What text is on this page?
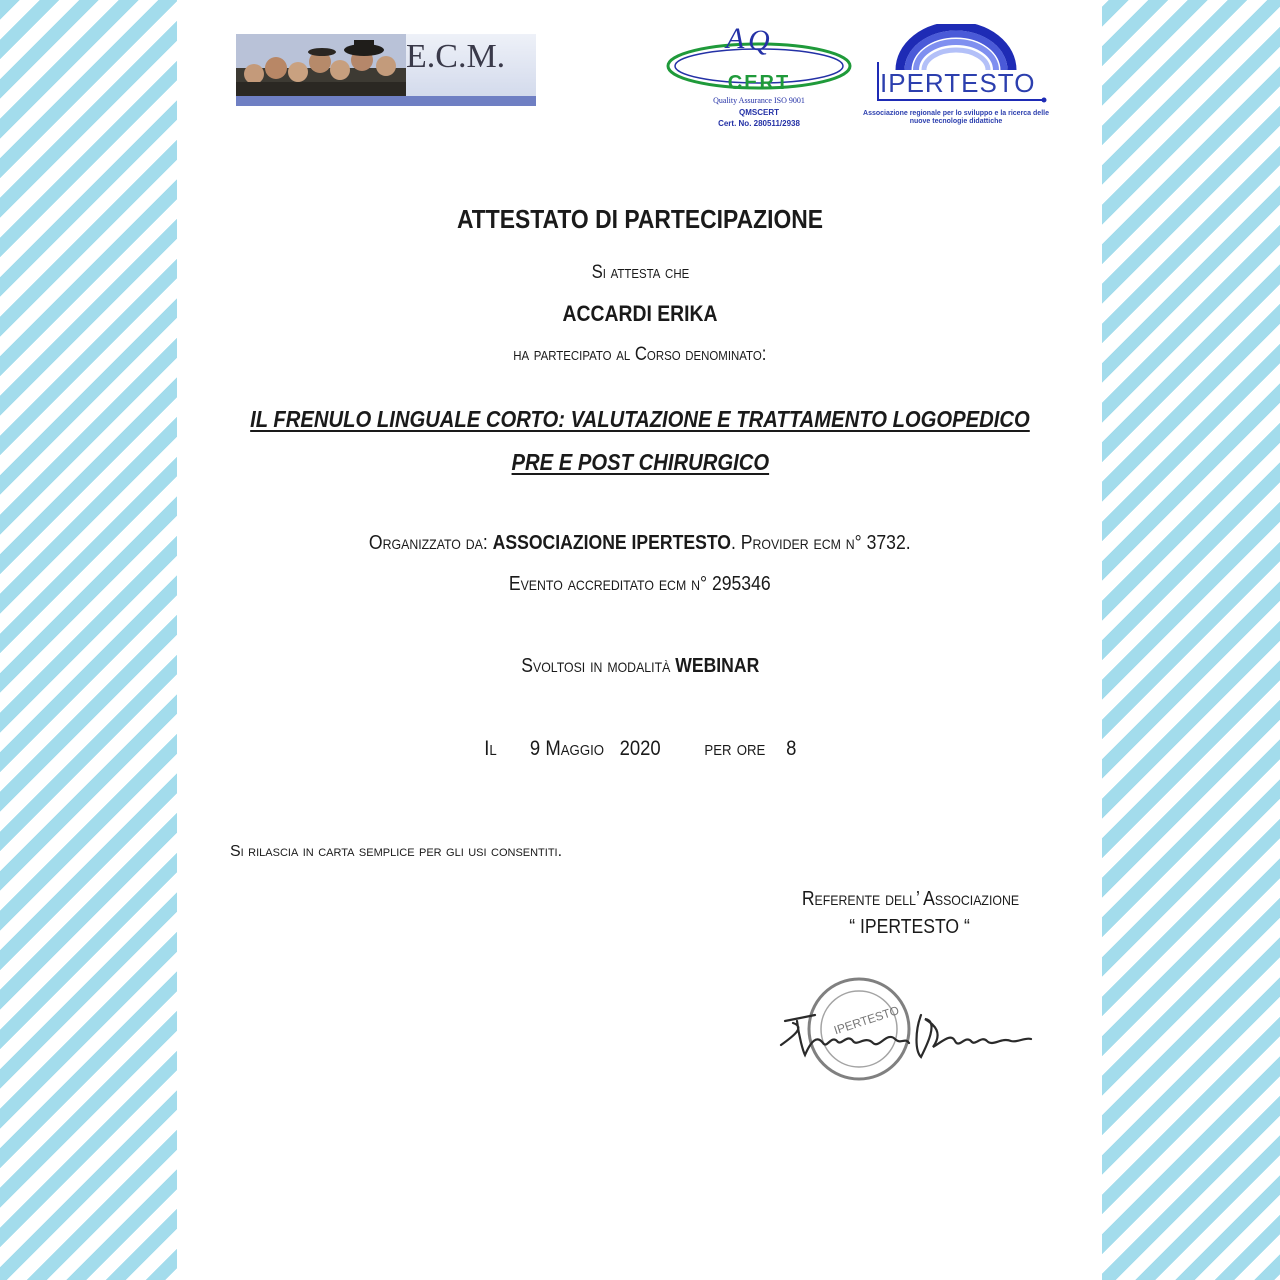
E.C.M.	A Q
CERT
Quality Assurance ISO 9001
QMSCERT
Cert. No. 280511/2938
IPERTESTO
Associazione regionale per lo sviluppo e la ricerca delle nuove tecnologie didattiche
ATTESTATO DI PARTECIPAZIONE
Si attesta che
ACCARDI ERIKA
ha partecipato al Corso denominato:
IL FRENULO LINGUALE CORTO: VALUTAZIONE E TRATTAMENTO LOGOPEDICO
PRE E POST CHIRURGICO
Organizzato da: ASSOCIAZIONE IPERTESTO. Provider ecm n° 3732.
Evento accreditato ecm n° 295346
Svoltosi in modalità WEBINAR
Il 9 Maggio 2020 per ore 8
Si rilascia in carta semplice per gli usi consentiti.
Referente dell’ Associazione
“ IPERTESTO “
IPERTESTO
